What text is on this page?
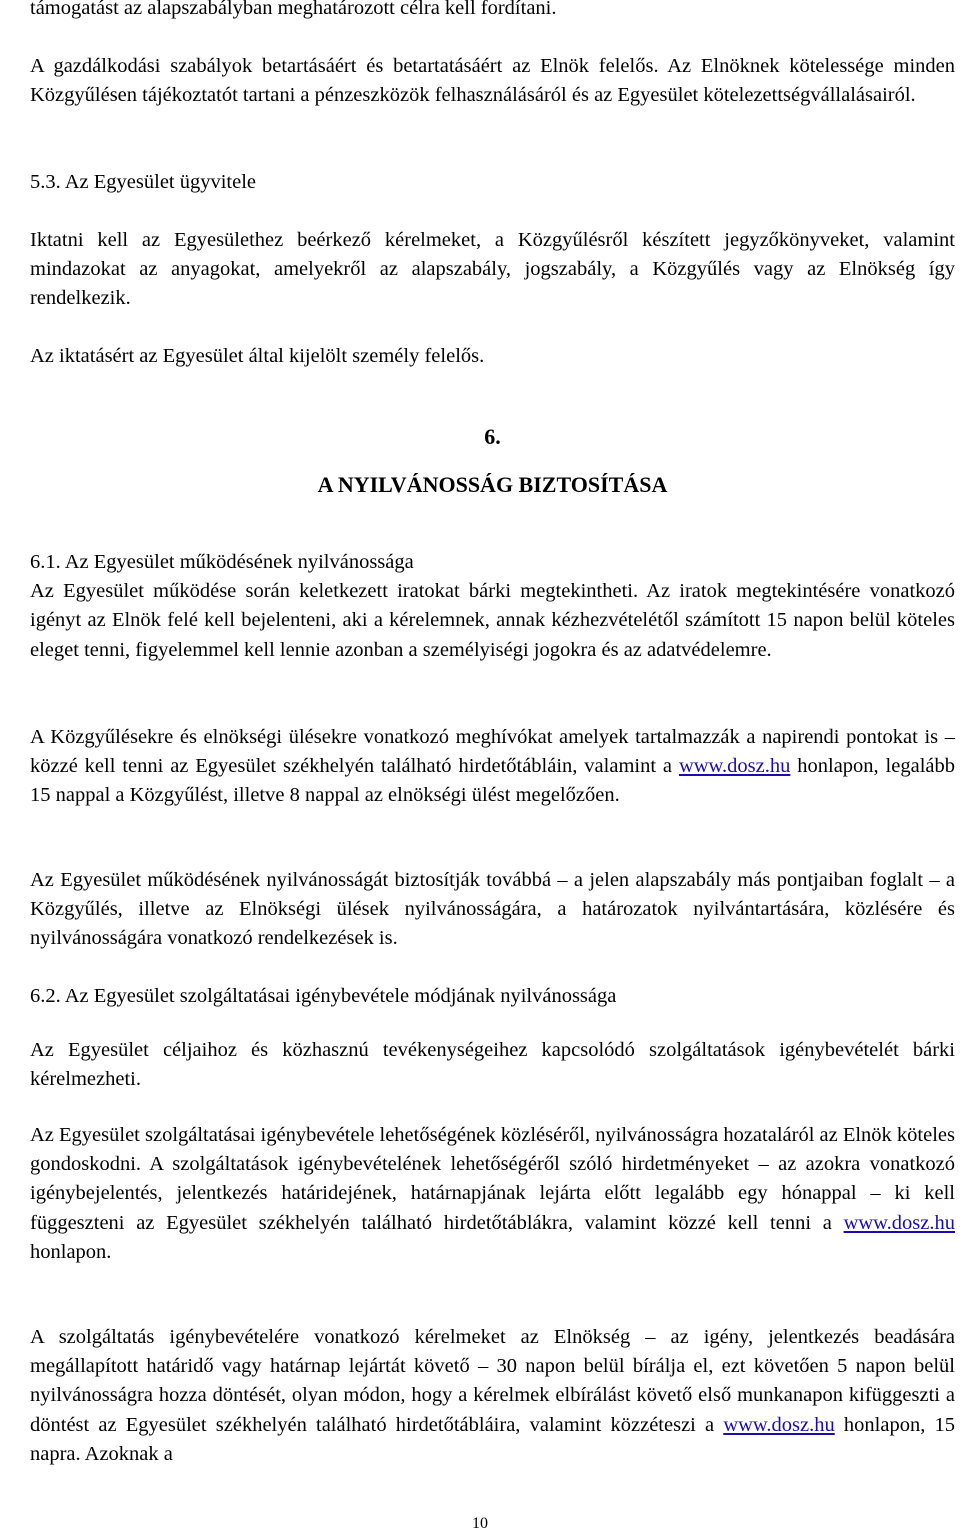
támogatást az alapszabályban meghatározott célra kell fordítani.

A gazdálkodási szabályok betartásáért és betartatásáért az Elnök felelős. Az Elnöknek kötelessége minden Közgyűlésen tájékoztatót tartani a pénzeszközök felhasználásáról és az Egyesület kötelezettségvállalásairól.

5.3. Az Egyesület ügyvitele

Iktatni kell az Egyesülethez beérkező kérelmeket, a Közgyűlésről készített jegyzőkönyveket, valamint mindazokat az anyagokat, amelyekről az alapszabály, jogszabály, a Közgyűlés vagy az Elnökség így rendelkezik.

Az iktatásért az Egyesület által kijelölt személy felelős.

6.

A NYILVÁNOSSÁG BIZTOSÍTÁSA

6.1. Az Egyesület működésének nyilvánossága

Az Egyesület működése során keletkezett iratokat bárki megtekintheti. Az iratok megtekintésére vonatkozó igényt az Elnök felé kell bejelenteni, aki a kérelemnek, annak kézhezvételétől számított 15 napon belül köteles eleget tenni, figyelemmel kell lennie azonban a személyiségi jogokra és az adatvédelemre.

A Közgyűlésekre és elnökségi ülésekre vonatkozó meghívókat amelyek tartalmazzák a napirendi pontokat is – közzé kell tenni az Egyesület székhelyén található hirdetőtábláin, valamint a www.dosz.hu honlapon, legalább 15 nappal a Közgyűlést, illetve 8 nappal az elnökségi ülést megelőzően.

Az Egyesület működésének nyilvánosságát biztosítják továbbá – a jelen alapszabály más pontjaiban foglalt – a Közgyűlés, illetve az Elnökségi ülések nyilvánosságára, a határozatok nyilvántartására, közlésére és nyilvánosságára vonatkozó rendelkezések is.

6.2. Az Egyesület szolgáltatásai igénybevétele módjának nyilvánossága

Az Egyesület céljaihoz és közhasznú tevékenységeihez kapcsolódó szolgáltatások igénybevételét bárki kérelmezheti.

Az Egyesület szolgáltatásai igénybevétele lehetőségének közléséről, nyilvánosságra hozataláról az Elnök köteles gondoskodni. A szolgáltatások igénybevételének lehetőségéről szóló hirdetményeket – az azokra vonatkozó igénybejelentés, jelentkezés határidejének, határnapjának lejárta előtt legalább egy hónappal – ki kell függeszteni az Egyesület székhelyén található hirdetőtáblákra, valamint közzé kell tenni a www.dosz.hu honlapon.

A szolgáltatás igénybevételére vonatkozó kérelmeket az Elnökség – az igény, jelentkezés beadására megállapított határidő vagy határnap lejártát követő – 30 napon belül bírálja el, ezt követően 5 napon belül nyilvánosságra hozza döntését, olyan módon, hogy a kérelmek elbírálást követő első munkanapon kifüggeszti a döntést az Egyesület székhelyén található hirdetőtábláira, valamint közzéteszi a www.dosz.hu honlapon, 15 napra. Azoknak a

10
